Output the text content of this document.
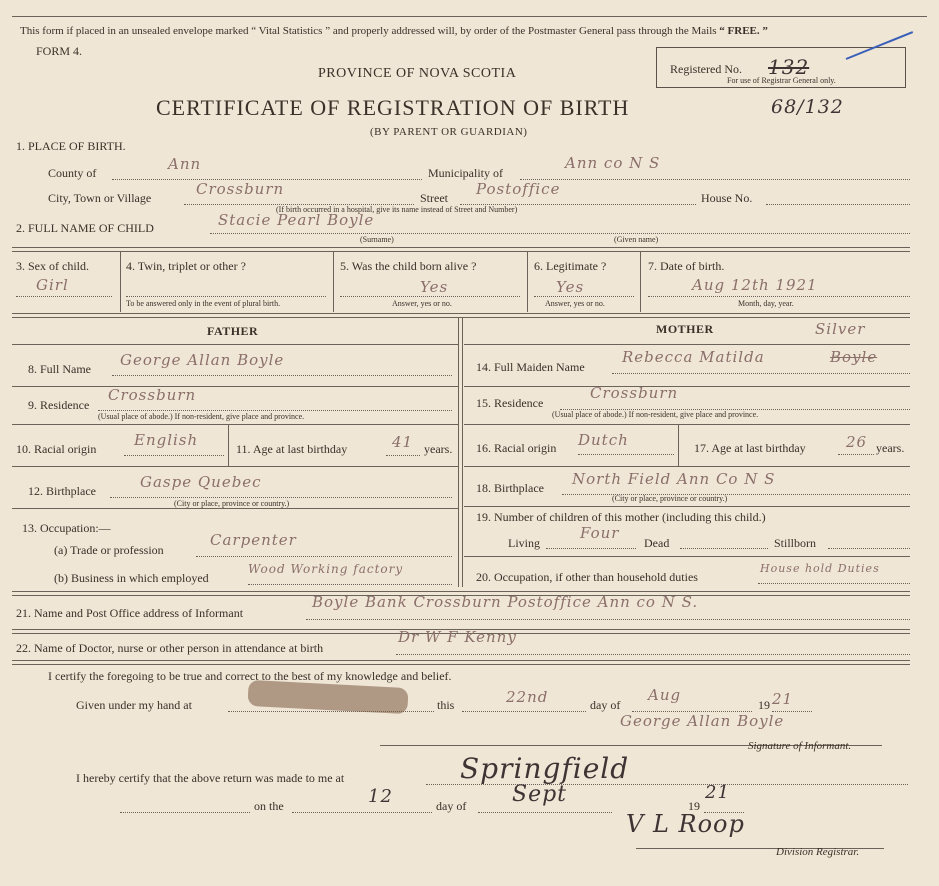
This form if placed in an unsealed envelope marked “ Vital Statistics ” and properly addressed will, by order of the Postmaster General pass through the Mails “ FREE. ”
FORM 4.
PROVINCE OF NOVA SCOTIA
CERTIFICATE OF REGISTRATION OF BIRTH	68/132
(BY PARENT OR GUARDIAN)
Registered No. 132
For use of Registrar General only.
1. PLACE OF BIRTH.
County of	Ann	Municipality of
Ann co N S
City, Town or Village	Crossburn	Street Postoffice	House No.
(If birth occurred in a hospital, give its name instead of Street and Number)
2. FULL NAME OF CHILD	Stacie Pearl Boyle
(Surname)	(Given name)
3. Sex of child.
Girl
4. Twin, triplet or other ?
To be answered only in the event of plural birth.
5. Was the child born alive ?
Yes
Answer, yes or no.
6. Legitimate ?
Yes
Answer, yes or no.
7. Date of birth.
Aug 12th 1921
Month, day, year.
FATHER	MOTHER
8. Full Name George Allan Boyle
9. Residence
Crossburn
(Usual place of abode.) If non-resident, give place and province.
10. Racial origin	English	11. Age at last birthday	41 years.
12. Birthplace	Gaspe Quebec
(City or place, province or country.)
13. Occupation:—
(a) Trade or profession
Carpenter
(b) Business in which employed
Wood Working factory
Silver
14. Full Maiden Name
Rebecca Matilda	Boyle
15. Residence
Crossburn
(Usual place of abode.) If non-resident, give place and province.
16. Racial origin Dutch	17. Age at last birthday	26 years.
18. Birthplace North Field Ann Co N S
(City or place, province or country.)
19. Number of children of this mother (including this child.)
Living
Four
Dead	Stillborn
20. Occupation, if other than household duties
House hold Duties
21. Name and Post Office address of Informant
Boyle Bank Crossburn Postoffice Ann co N S.
22. Name of Doctor, nurse or other person in attendance at birth
Dr W F Kenny
I certify the foregoing to be true and correct to the best of my knowledge and belief.
Given under my hand at	this	22nd	day of
Aug
19 21
George Allan Boyle
Signature of Informant.
I hereby certify that the above return was made to me at	Springfield
on the	12	day of Sept	19
21
V L Roop
Division Registrar.
